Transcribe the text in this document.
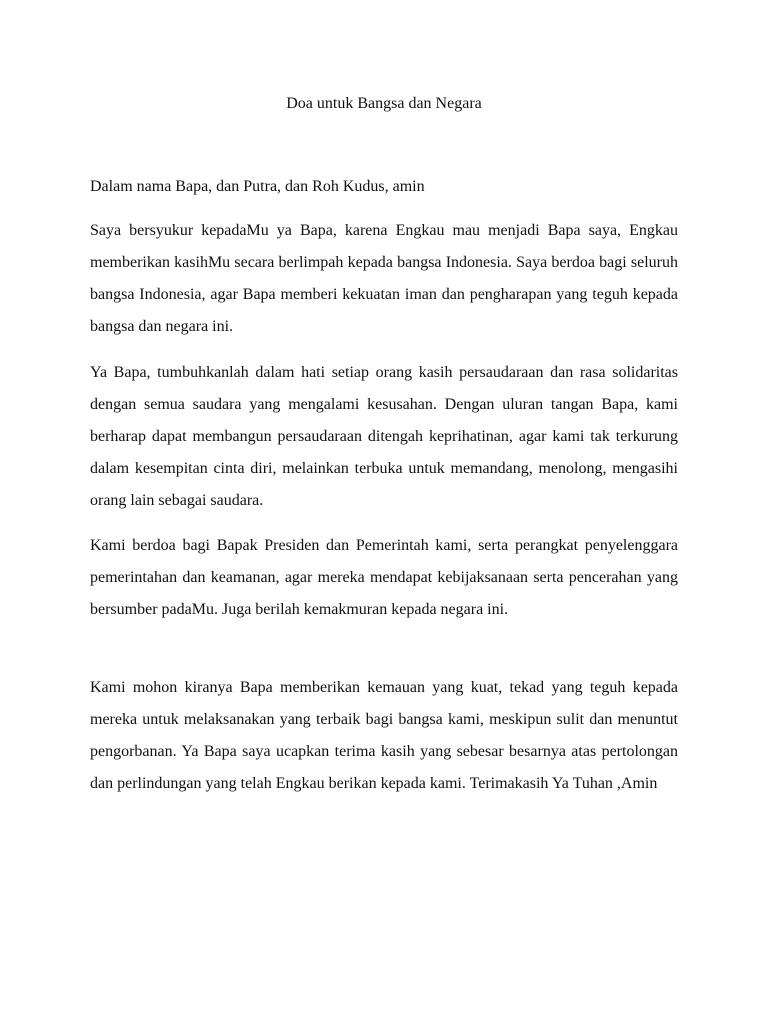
Doa untuk Bangsa dan Negara

Dalam nama Bapa, dan Putra, dan Roh Kudus, amin

Saya bersyukur kepadaMu ya Bapa, karena Engkau mau menjadi Bapa saya, Engkau memberikan kasihMu secara berlimpah kepada bangsa Indonesia. Saya berdoa bagi seluruh bangsa Indonesia, agar Bapa memberi kekuatan iman dan pengharapan yang teguh kepada bangsa dan negara ini.

Ya Bapa, tumbuhkanlah dalam hati setiap orang kasih persaudaraan dan rasa solidaritas dengan semua saudara yang mengalami kesusahan. Dengan uluran tangan Bapa, kami berharap dapat membangun persaudaraan ditengah keprihatinan, agar kami tak terkurung dalam kesempitan cinta diri, melainkan terbuka untuk memandang, menolong, mengasihi orang lain sebagai saudara.

Kami berdoa bagi Bapak Presiden dan Pemerintah kami, serta perangkat penyelenggara pemerintahan dan keamanan, agar mereka mendapat kebijaksanaan serta pencerahan yang bersumber padaMu. Juga berilah kemakmuran kepada negara ini.

Kami mohon kiranya Bapa memberikan kemauan yang kuat, tekad yang teguh kepada mereka untuk melaksanakan yang terbaik bagi bangsa kami, meskipun sulit dan menuntut pengorbanan. Ya Bapa saya ucapkan terima kasih yang sebesar besarnya atas pertolongan dan perlindungan yang telah Engkau berikan kepada kami. Terimakasih Ya Tuhan ,Amin
